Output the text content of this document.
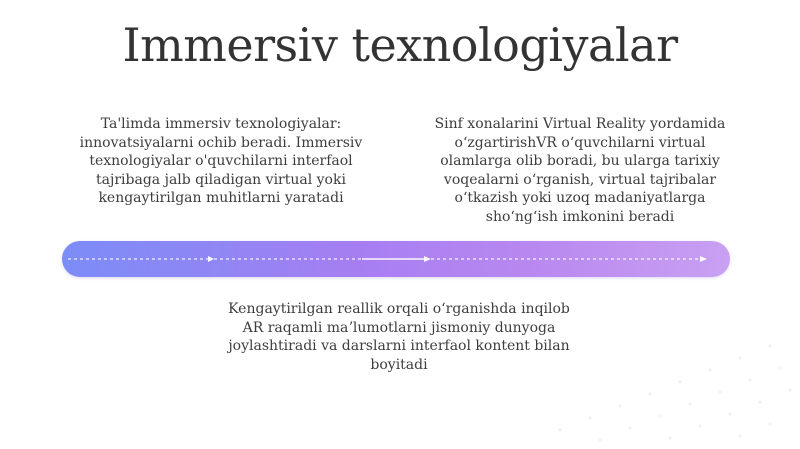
Immersiv texnologiyalar
Ta'limda immersiv texnologiyalar: innovatsiyalarni ochib beradi. Immersiv texnologiyalar o'quvchilarni interfaol tajribaga jalb qiladigan virtual yoki kengaytirilgan muhitlarni yaratadi
Sinf xonalarini Virtual Reality yordamida oʻzgartirishVR oʻquvchilarni virtual olamlarga olib boradi, bu ularga tarixiy voqealarni oʻrganish, virtual tajribalar oʻtkazish yoki uzoq madaniyatlarga shoʻngʻish imkonini beradi
Kengaytirilgan reallik orqali oʻrganishda inqilob AR raqamli maʼlumotlarni jismoniy dunyoga joylashtiradi va darslarni interfaol kontent bilan boyitadi
